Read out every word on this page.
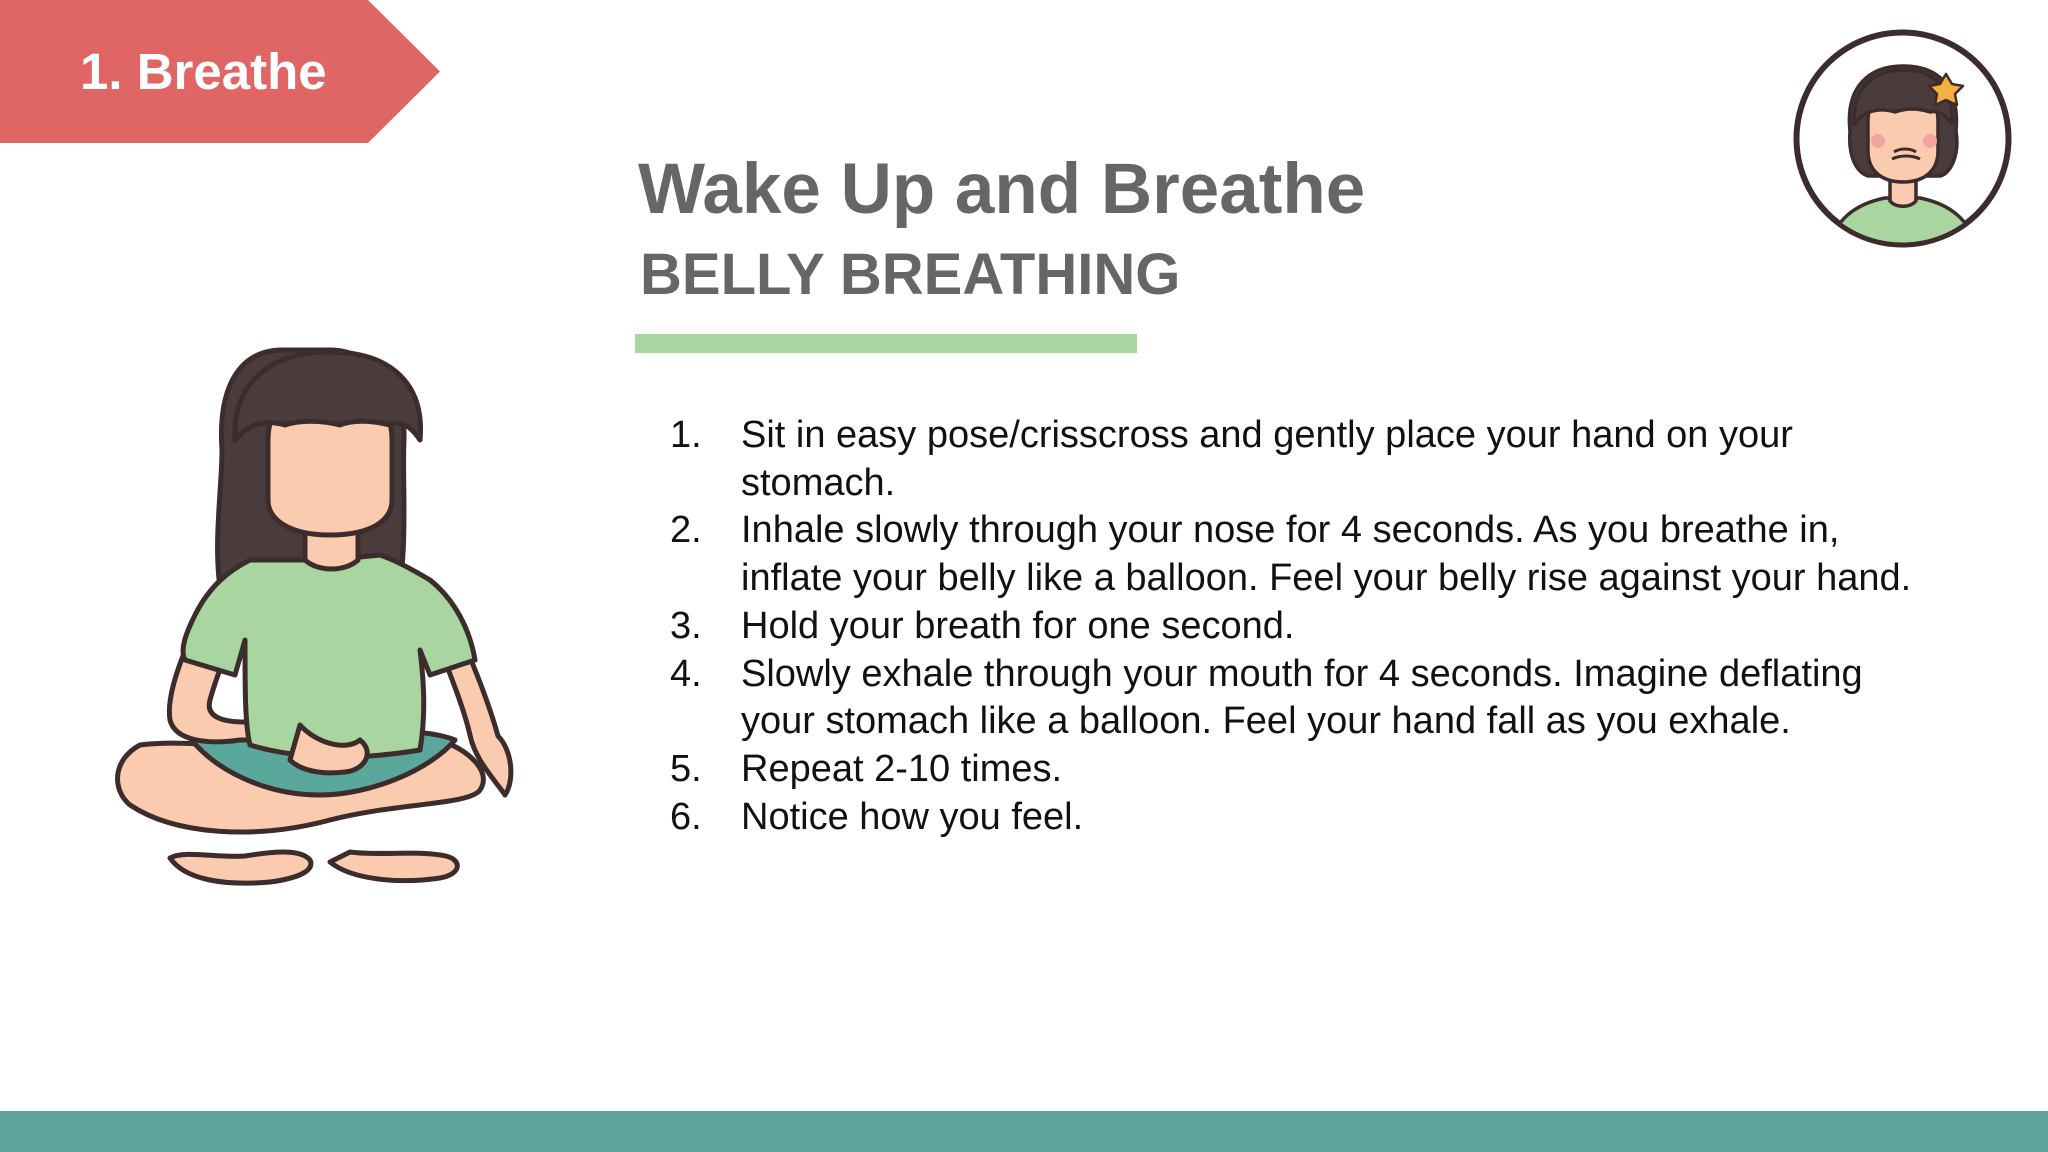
1. Breathe
Wake Up and Breathe
BELLY BREATHING
1. Sit in easy pose/crisscross and gently place your hand on your stomach.
2. Inhale slowly through your nose for 4 seconds. As you breathe in, inflate your belly like a balloon. Feel your belly rise against your hand.
3. Hold your breath for one second.
4. Slowly exhale through your mouth for 4 seconds. Imagine deflating your stomach like a balloon. Feel your hand fall as you exhale.
5. Repeat 2-10 times.
6. Notice how you feel.
